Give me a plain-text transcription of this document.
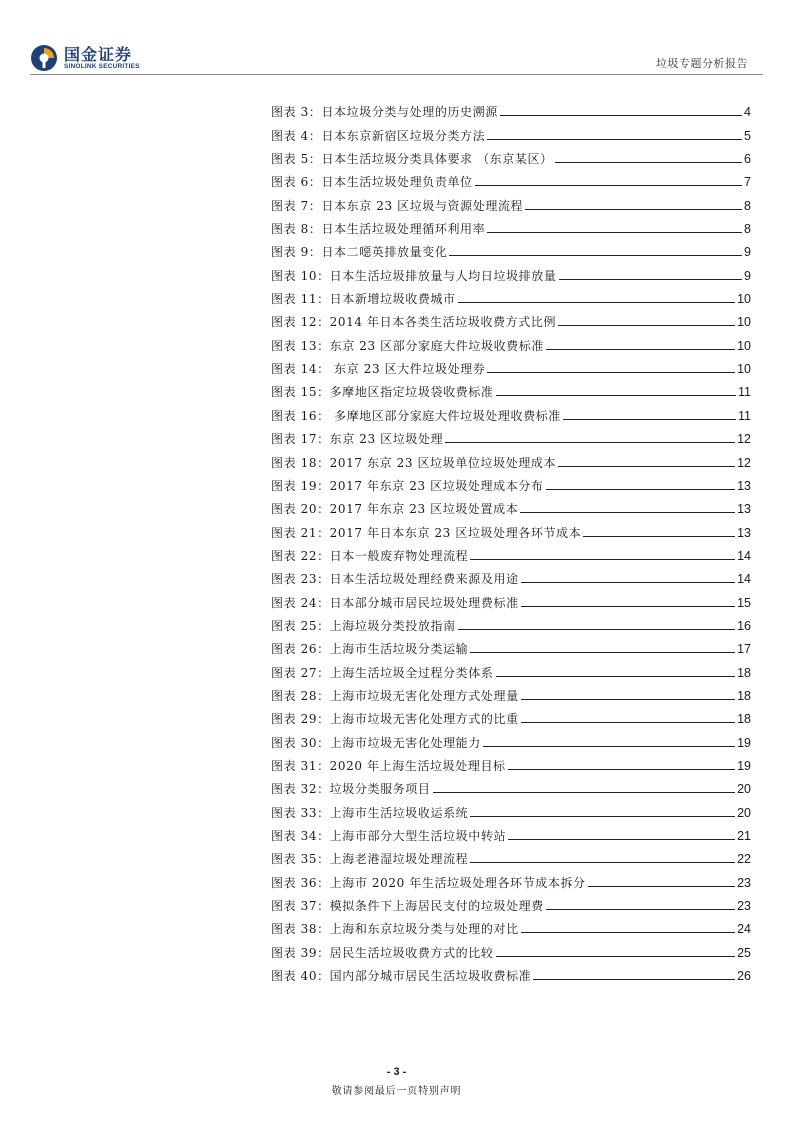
国金证券
SINOLINK SECURITIES	垃圾专题分析报告
图表 3：日本垃圾分类与处理的历史溯源	4
图表 4：日本东京新宿区垃圾分类方法	5
图表 5：日本生活垃圾分类具体要求 （东京某区）	6
图表 6：日本生活垃圾处理负责单位	7
图表 7：日本东京 23 区垃圾与资源处理流程	8
图表 8：日本生活垃圾处理循环利用率	8
图表 9：日本二噁英排放量变化	9
图表 10：日本生活垃圾排放量与人均日垃圾排放量	9
图表 11：日本新增垃圾收费城市	10
图表 12：2014 年日本各类生活垃圾收费方式比例	10
图表 13：东京 23 区部分家庭大件垃圾收费标准	10
图表 14： 东京 23 区大件垃圾处理券	10
图表 15：多摩地区指定垃圾袋收费标准	11
图表 16： 多摩地区部分家庭大件垃圾处理收费标准	11
图表 17：东京 23 区垃圾处理	12
图表 18：2017 东京 23 区垃圾单位垃圾处理成本	12
图表 19：2017 年东京 23 区垃圾处理成本分布	13
图表 20：2017 年东京 23 区垃圾处置成本	13
图表 21：2017 年日本东京 23 区垃圾处理各环节成本	13
图表 22：日本一般废弃物处理流程	14
图表 23：日本生活垃圾处理经费来源及用途	14
图表 24：日本部分城市居民垃圾处理费标准	15
图表 25：上海垃圾分类投放指南	16
图表 26：上海市生活垃圾分类运输	17
图表 27：上海生活垃圾全过程分类体系	18
图表 28：上海市垃圾无害化处理方式处理量	18
图表 29：上海市垃圾无害化处理方式的比重	18
图表 30：上海市垃圾无害化处理能力	19
图表 31：2020 年上海生活垃圾处理目标	19
图表 32：垃圾分类服务项目	20
图表 33：上海市生活垃圾收运系统	20
图表 34：上海市部分大型生活垃圾中转站	21
图表 35：上海老港湿垃圾处理流程	22
图表 36：上海市 2020 年生活垃圾处理各环节成本拆分	23
图表 37：模拟条件下上海居民支付的垃圾处理费	23
图表 38：上海和东京垃圾分类与处理的对比	24
图表 39：居民生活垃圾收费方式的比较	25
图表 40：国内部分城市居民生活垃圾收费标准	26
- 3 -
敬请参阅最后一页特别声明
